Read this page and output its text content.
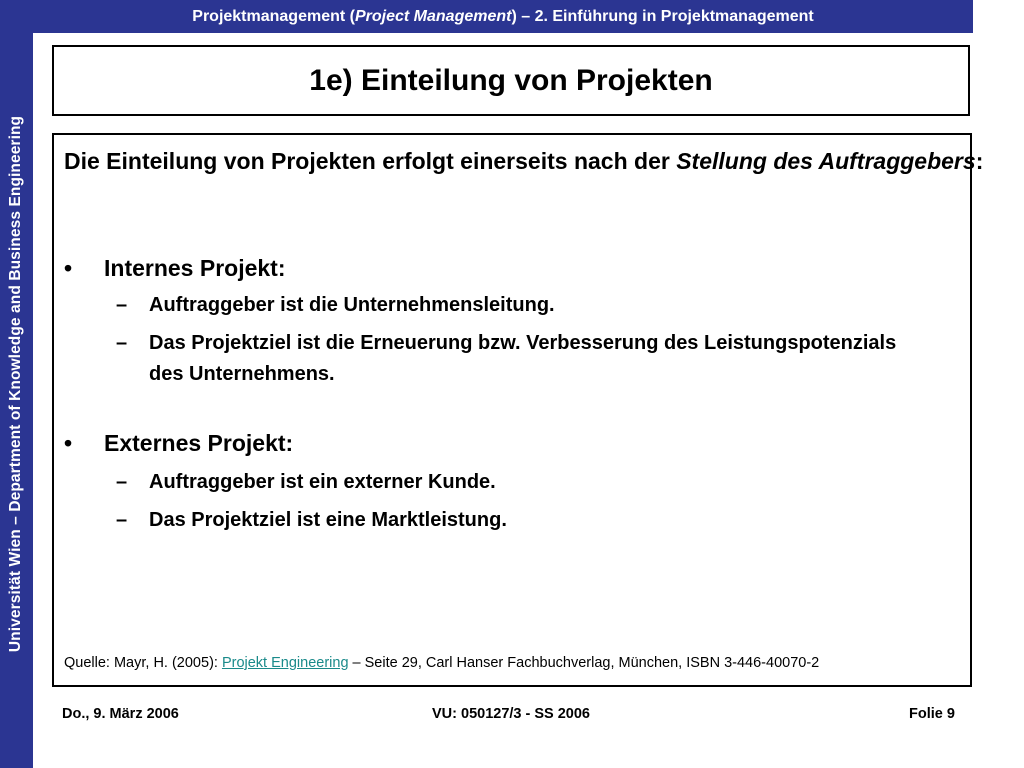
Universität Wien – Department of Knowledge and Business Engineering
Projektmanagement (Project Management) – 2. Einführung in Projektmanagement
1e) Einteilung von Projekten
Die Einteilung von Projekten erfolgt einerseits nach der Stellung des Auftraggebers:
• Internes Projekt:
– Auftraggeber ist die Unternehmensleitung.
– Das Projektziel ist die Erneuerung bzw. Verbesserung des Leistungspotenzials des Unternehmens.
• Externes Projekt:
– Auftraggeber ist ein externer Kunde.
– Das Projektziel ist eine Marktleistung.
Quelle: Mayr, H. (2005): Projekt Engineering – Seite 29, Carl Hanser Fachbuchverlag, München, ISBN 3-446-40070-2
Do., 9. März 2006	VU: 050127/3 - SS 2006	Folie 9
